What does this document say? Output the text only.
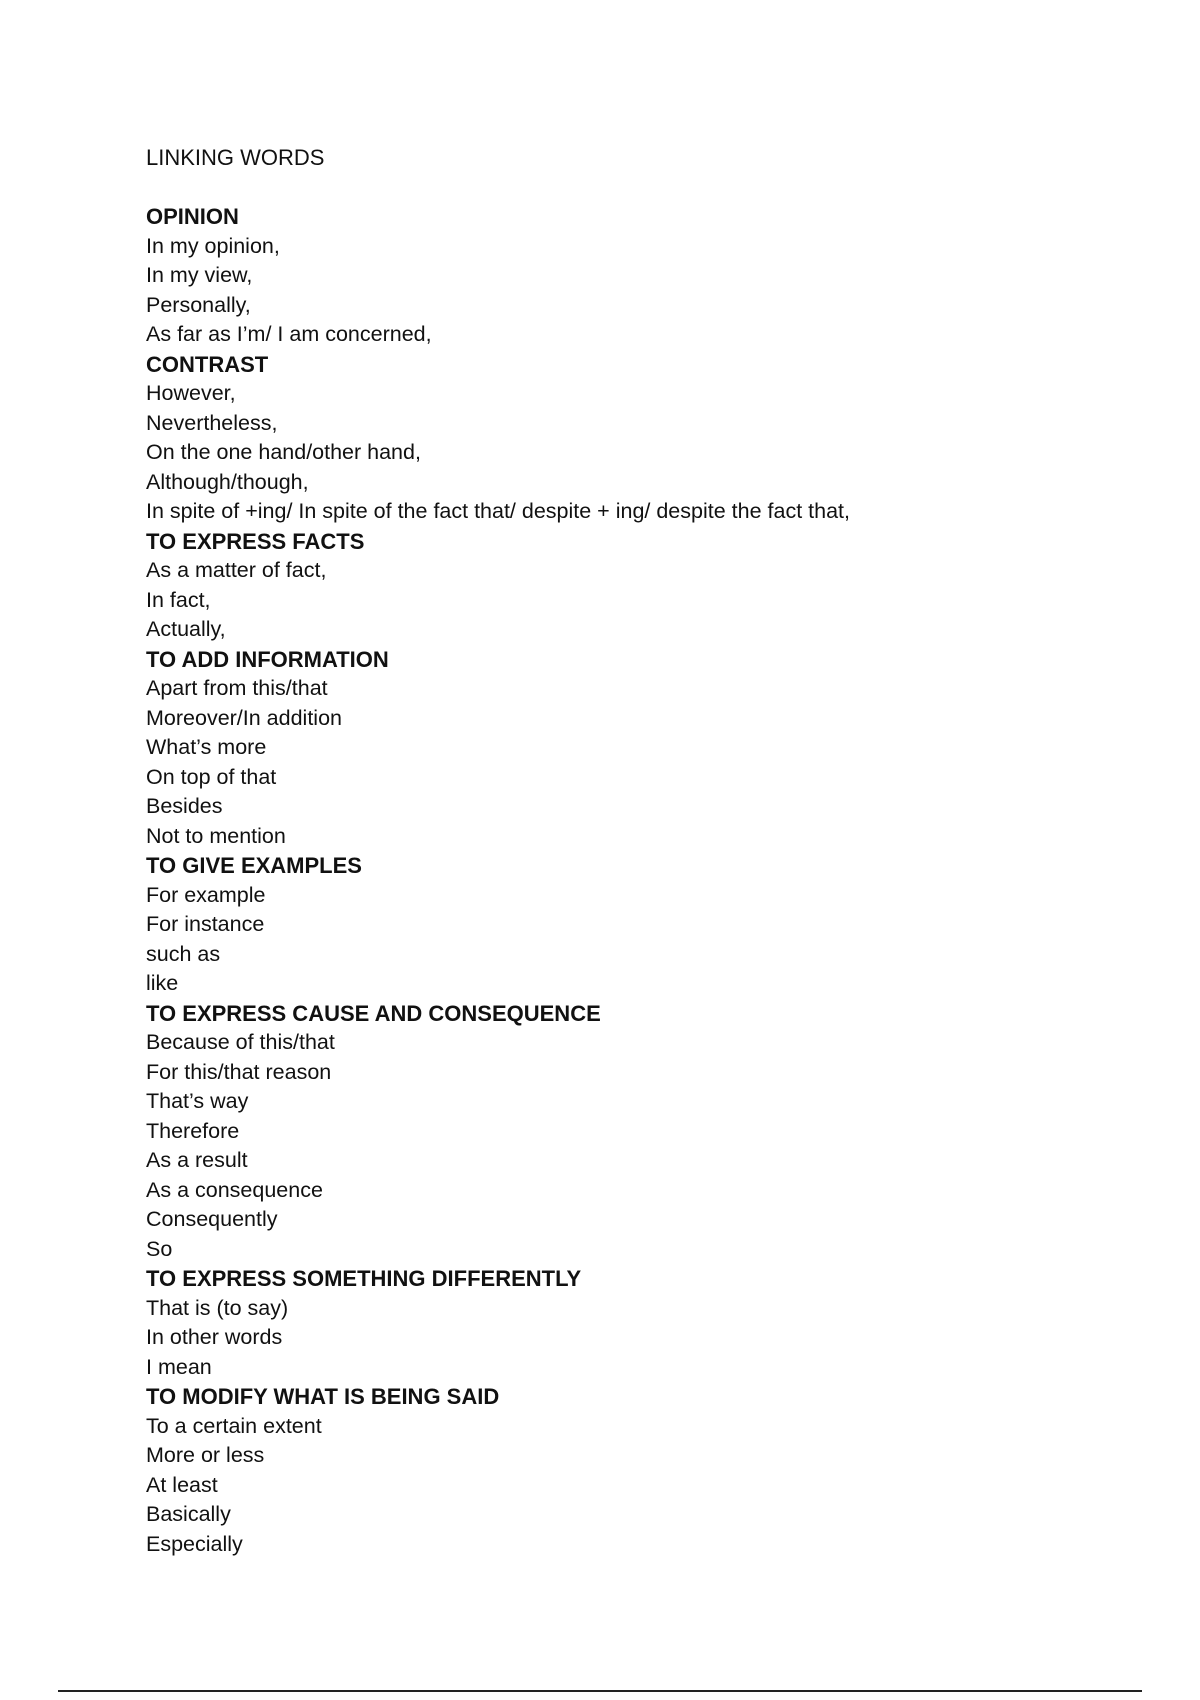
LINKING WORDS
OPINION
In my opinion,
In my view,
Personally,
As far as I’m/ I am concerned,
CONTRAST
However,
Nevertheless,
On the one hand/other hand,
Although/though,
In spite of +ing/ In spite of the fact that/ despite + ing/ despite the fact that,
TO EXPRESS FACTS
As a matter of fact,
In fact,
Actually,
TO ADD INFORMATION
Apart from this/that
Moreover/In addition
What’s more
On top of that
Besides
Not to mention
TO GIVE EXAMPLES
For example
For instance
such as
like
TO EXPRESS CAUSE AND CONSEQUENCE
Because of this/that
For this/that reason
That’s way
Therefore
As a result
As a consequence
Consequently
So
TO EXPRESS SOMETHING DIFFERENTLY
That is (to say)
In other words
I mean
TO MODIFY WHAT IS BEING SAID
To a certain extent
More or less
At least
Basically
Especially
